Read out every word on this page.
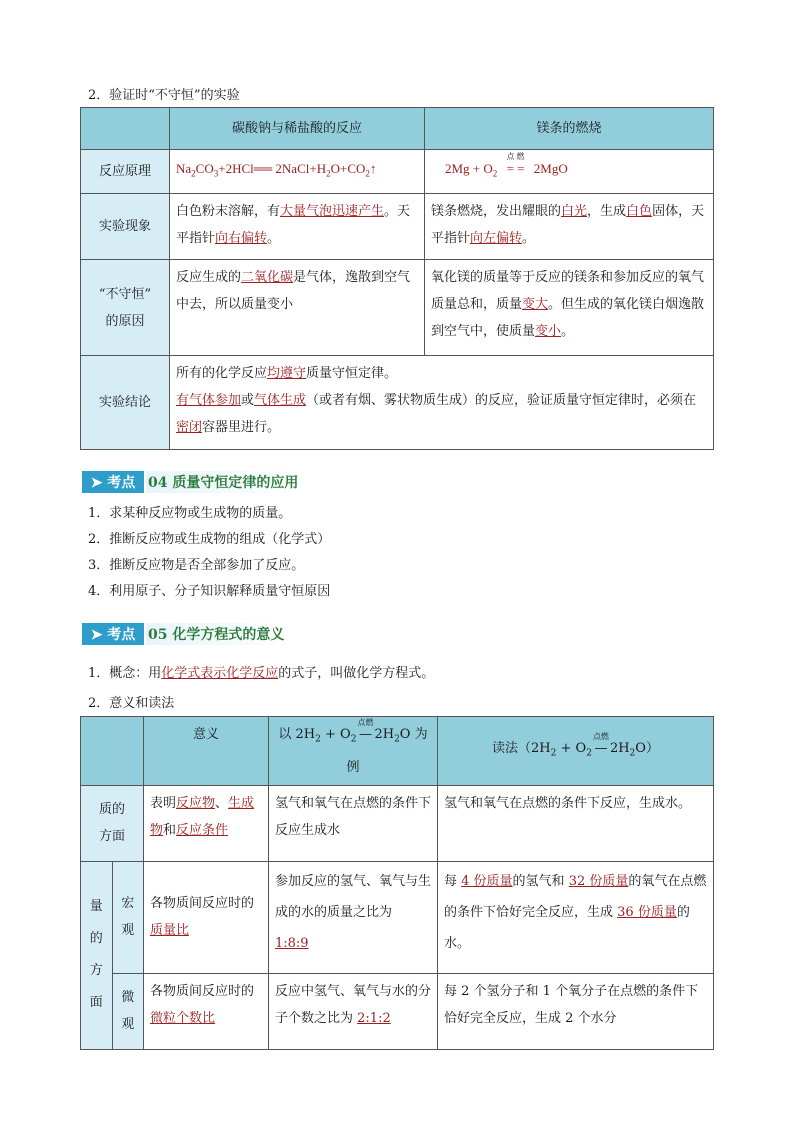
2．验证时“不守恒”的实验
	碳酸钠与稀盐酸的反应	镁条的燃烧
反应原理	$Na_2CO_3+2HCl══$ $2NaCl+H_2O+CO_2↑$	$2Mg + O_2$
点 燃
= = 2MgO
实验现象	白色粉末溶解，有大量气泡迅速产生。天平指针向右偏转。	镁条燃烧，发出耀眼的白光，生成白色固体，天平指针向左偏转。
“不守恒”
的原因	反应生成的二氧化碳是气体，逸散到空气中去，所以质量变小	氧化镁的质量等于反应的镁条和参加反应的氧气质量总和，质量变大。但生成的氧化镁白烟逸散到空气中，使质量变小。
实验结论	所有的化学反应均遵守质量守恒定律。
有气体参加或气体生成（或者有烟、雾状物质生成）的反应，验证质量守恒定律时，必须在密闭容器里进行。	
➤ 考点 04 质量守恒定律的应用
1．求某种反应物或生成物的质量。
2．推断反应物或生成物的组成（化学式）
3．推断反应物是否全部参加了反应。
4．利用原子、分子知识解释质量守恒原因
➤ 考点 05 化学方程式的意义
1．概念：用化学式表示化学反应的式子，叫做化学方程式。
2．意义和读法
		意义	以 $2H_2 + O_2$
点燃
— $2H_2O$ 为例	读法（$2H_2 + O_2$
点燃
— $2H_2O$）
质的
方面		表明反应物、生成物和反应条件	氢气和氧气在点燃的条件下反应生成水	氢气和氧气在点燃的条件下反应，生成水。
量
的
方
面	宏
观	各物质间反应时的质量比	参加反应的氢气、氧气与生成的水的质量之比为
1:8:9	每 4 份质量的氢气和 32 份质量的氧气在点燃的条件下恰好完全反应，生成 36 份质量的水。
	微
观	各物质间反应时的微粒个数比	反应中氢气、氧气与水的分子个数之比为 2:1:2	每 2 个氢分子和 1 个氧分子在点燃的条件下恰好完全反应，生成 2 个水分
